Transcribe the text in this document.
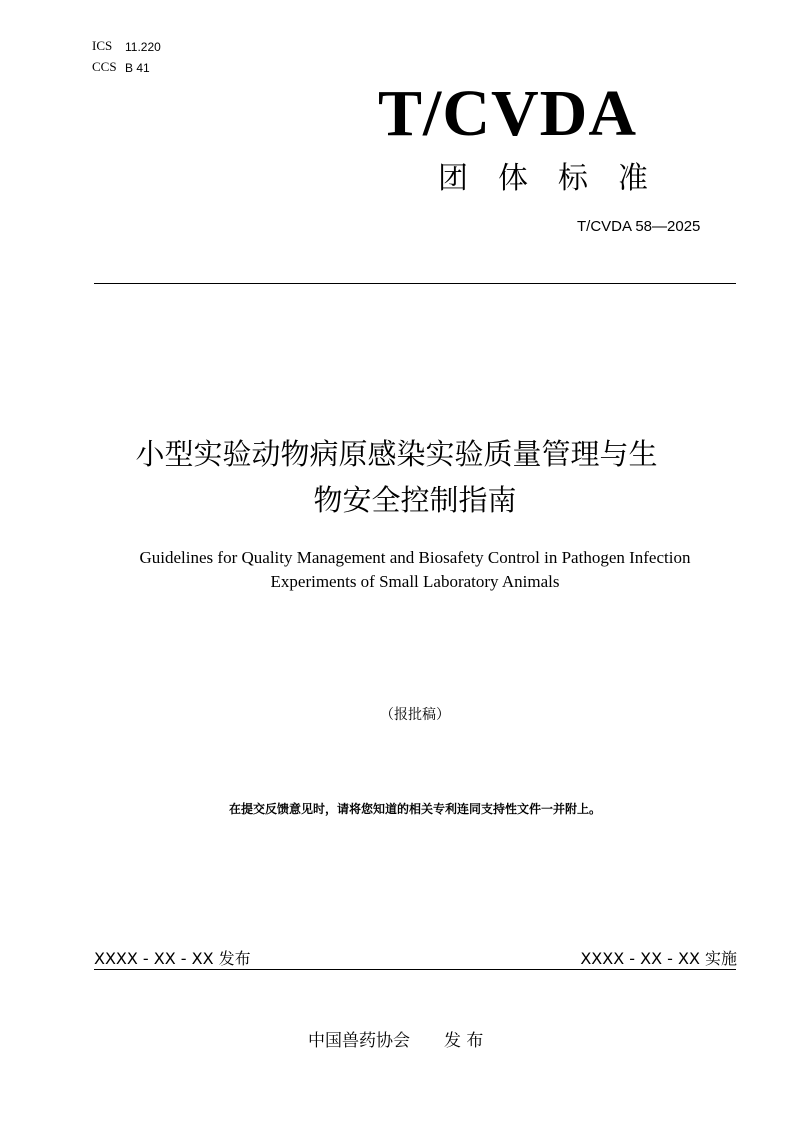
ICS 11.220
CCS B 41
T/CVDA
团　体　标　准
T/CVDA 58—2025
小型实验动物病原感染实验质量管理与生
物安全控制指南
Guidelines for Quality Management and Biosafety Control in Pathogen Infection
Experiments of Small Laboratory Animals
（报批稿）
在提交反馈意见时，请将您知道的相关专利连同支持性文件一并附上。
XXXX - XX - XX 发布	XXXX - XX - XX 实施
中国兽药协会　　发 布
